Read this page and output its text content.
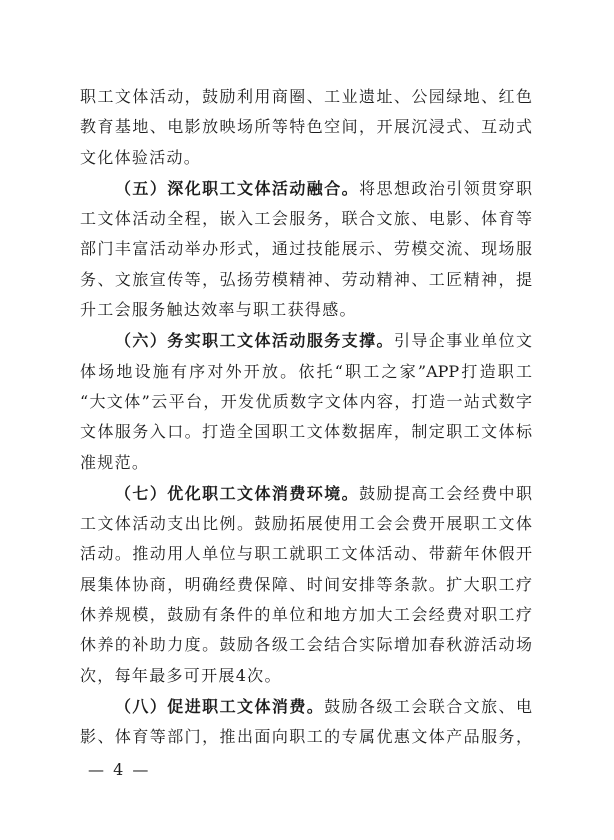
职工文体活动，鼓励利用商圈、工业遗址、公园绿地、红色
教育基地、电影放映场所等特色空间，开展沉浸式、互动式
文化体验活动。
（五）深化职工文体活动融合。将思想政治引领贯穿职
工文体活动全程，嵌入工会服务，联合文旅、电影、体育等
部门丰富活动举办形式，通过技能展示、劳模交流、现场服
务、文旅宣传等，弘扬劳模精神、劳动精神、工匠精神，提
升工会服务触达效率与职工获得感。
（六）务实职工文体活动服务支撑。引导企事业单位文
体场地设施有序对外开放。依托“职工之家”APP打造职工
“大文体”云平台，开发优质数字文体内容，打造一站式数字
文体服务入口。打造全国职工文体数据库，制定职工文体标
准规范。
（七）优化职工文体消费环境。鼓励提高工会经费中职
工文体活动支出比例。鼓励拓展使用工会会费开展职工文体
活动。推动用人单位与职工就职工文体活动、带薪年休假开
展集体协商，明确经费保障、时间安排等条款。扩大职工疗
休养规模，鼓励有条件的单位和地方加大工会经费对职工疗
休养的补助力度。鼓励各级工会结合实际增加春秋游活动场
次，每年最多可开展4次。
（八）促进职工文体消费。鼓励各级工会联合文旅、电
影、体育等部门，推出面向职工的专属优惠文体产品服务，
— 4 —
